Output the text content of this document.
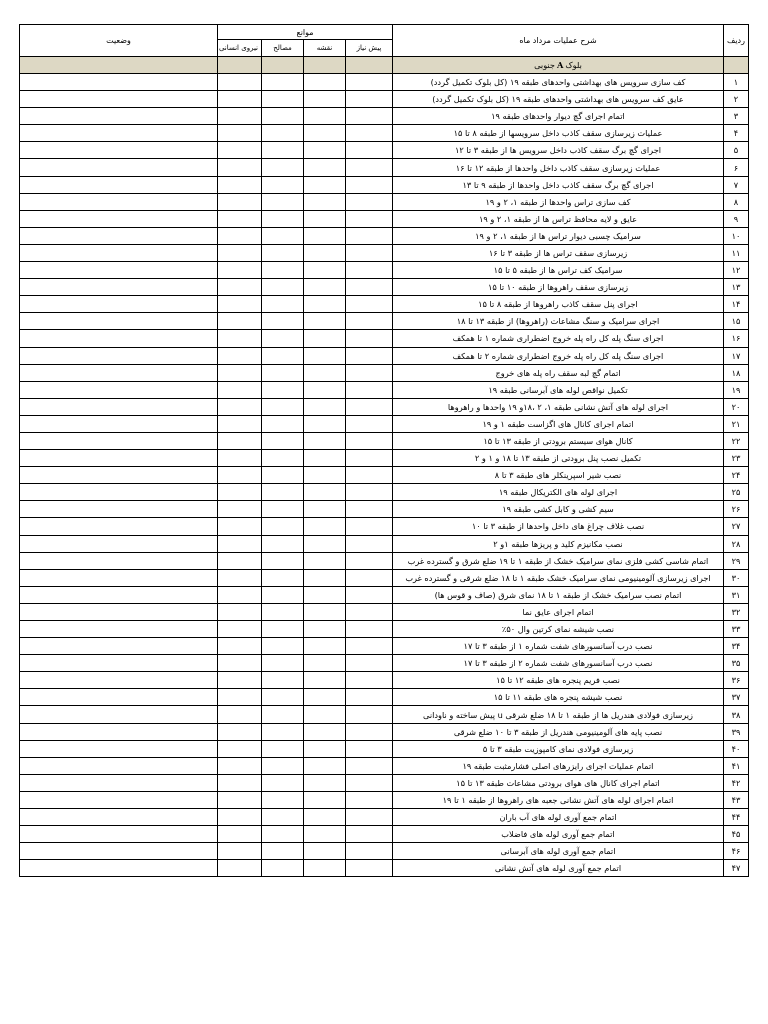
ردیف	شرح عملیات مرداد ماه	موانع				وضعیت
		پیش نیاز	نقشه	مصالح	نیروی انسانی	
	بلوکAجنوبی					
۱	کف سازی سرویس های بهداشتی واحدهای طبقه ۱۹ (کل بلوک تکمیل گردد)					
۲	عایق کف سرویس های بهداشتی واحدهای طبقه ۱۹ (کل بلوک تکمیل گردد)					
۳	اتمام اجرای گچ دیوار واحدهای طبقه ۱۹					
۴	عملیات زیرسازی سقف کاذب داخل سرویسها از طبقه ۸ تا ۱۵					
۵	اجرای گچ برگ سقف کاذب داخل سرویس ها از طبقه ۳ تا ۱۲					
۶	عملیات زیرسازی سقف کاذب داخل واحدها از طبقه ۱۲ تا ۱۶					
۷	اجرای گچ برگ سقف کاذب داخل واحدها از طبقه ۹ تا ۱۳					
۸	کف سازی تراس واحدها از طبقه ۱، ۲ و ۱۹					
۹	عایق و لایه محافظ تراس ها از طبقه ۱، ۲ و ۱۹					
۱۰	سرامیک چسبی دیوار تراس ها از طبقه ۱، ۲ و ۱۹					
۱۱	زیرسازی سقف تراس ها از طبقه ۳ تا ۱۶					
۱۲	سرامیک کف تراس ها از طبقه ۵ تا ۱۵					
۱۳	زیرسازی سقف راهروها از طبقه ۱۰ تا ۱۵					
۱۴	اجرای پنل سقف کاذب راهروها از طبقه ۸ تا ۱۵					
۱۵	اجرای سرامیک و سنگ مشاعات (راهروها) از طبقه ۱۳ تا ۱۸					
۱۶	اجرای سنگ پله کل راه پله خروج اضطراری شماره ۱ تا همکف					
۱۷	اجرای سنگ پله کل راه پله خروج اضطراری شماره ۲ تا همکف					
۱۸	اتمام گچ لبه سقف راه پله های خروج					
۱۹	تکمیل نواقص لوله های آبرسانی طبقه ۱۹					
۲۰	اجرای لوله های آتش نشانی طبقه ۱، ۲ ،۱۸و ۱۹ واحدها و راهروها					
۲۱	اتمام اجرای کانال های اگزاست طبقه ۱ و ۱۹					
۲۲	کانال هوای سیستم برودتی از طبقه ۱۳ تا ۱۵					
۲۳	تکمیل نصب پنل برودتی از طبقه ۱۳ تا ۱۸ و ۱ و ۲					
۲۴	نصب شیر اسپرینکلر های طبقه ۳ تا ۸					
۲۵	اجرای لوله های الکتریکال طبقه ۱۹					
۲۶	سیم کشی و کابل کشی طبقه ۱۹					
۲۷	نصب غلاف چراغ های داخل واحدها از طبقه ۳ تا ۱۰					
۲۸	نصب مکانیزم کلید و پریزها طبقه ۱و ۲					
۲۹	اتمام شاسی کشی فلزی نمای سرامیک خشک از طبقه ۱ تا ۱۹ ضلع شرق و گسترده غرب					
۳۰	اجرای زیرسازی آلومینیومی نمای سرامیک خشک طبقه ۱ تا ۱۸ ضلع شرقی و گسترده غرب					
۳۱	اتمام نصب سرامیک خشک از طبقه ۱ تا ۱۸ نمای شرق (صاف و قوس ها)					
۳۲	اتمام اجرای عایق نما					
۳۳	نصب شیشه نمای کرتین وال ۵۰٪					
۳۴	نصب درب آسانسورهای شفت شماره ۱ از طبقه ۳ تا ۱۷					
۳۵	نصب درب آسانسورهای شفت شماره ۲ از طبقه ۳ تا ۱۷					
۳۶	نصب فریم پنجره های طبقه ۱۲ تا ۱۵					
۳۷	نصب شیشه پنجره های طبقه ۱۱ تا ۱۵					
۳۸	زیرسازی فولادی هندریل ها از طبقه ۱ تا ۱۸ ضلع شرقی u پیش ساخته و ناودانی					
۳۹	نصب پایه های آلومینیومی هندریل از طبقه ۳ تا ۱۰ ضلع شرقی					
۴۰	زیرسازی فولادی نمای کامپوزیت طبقه ۳ تا ۵					
۴۱	اتمام عملیات اجرای رایزرهای اصلی فشارمثبت طبقه ۱۹					
۴۲	اتمام اجرای کانال های هوای برودتی مشاعات طبقه ۱۳ تا ۱۵					
۴۳	اتمام اجرای لوله های آتش نشانی جعبه های راهروها از طبقه ۱ تا ۱۹					
۴۴	اتمام جمع آوری لوله های آب باران					
۴۵	اتمام جمع آوری لوله های فاضلاب					
۴۶	اتمام جمع آوری لوله های آبرسانی					
۴۷	اتمام جمع آوری لوله های آتش نشانی					
